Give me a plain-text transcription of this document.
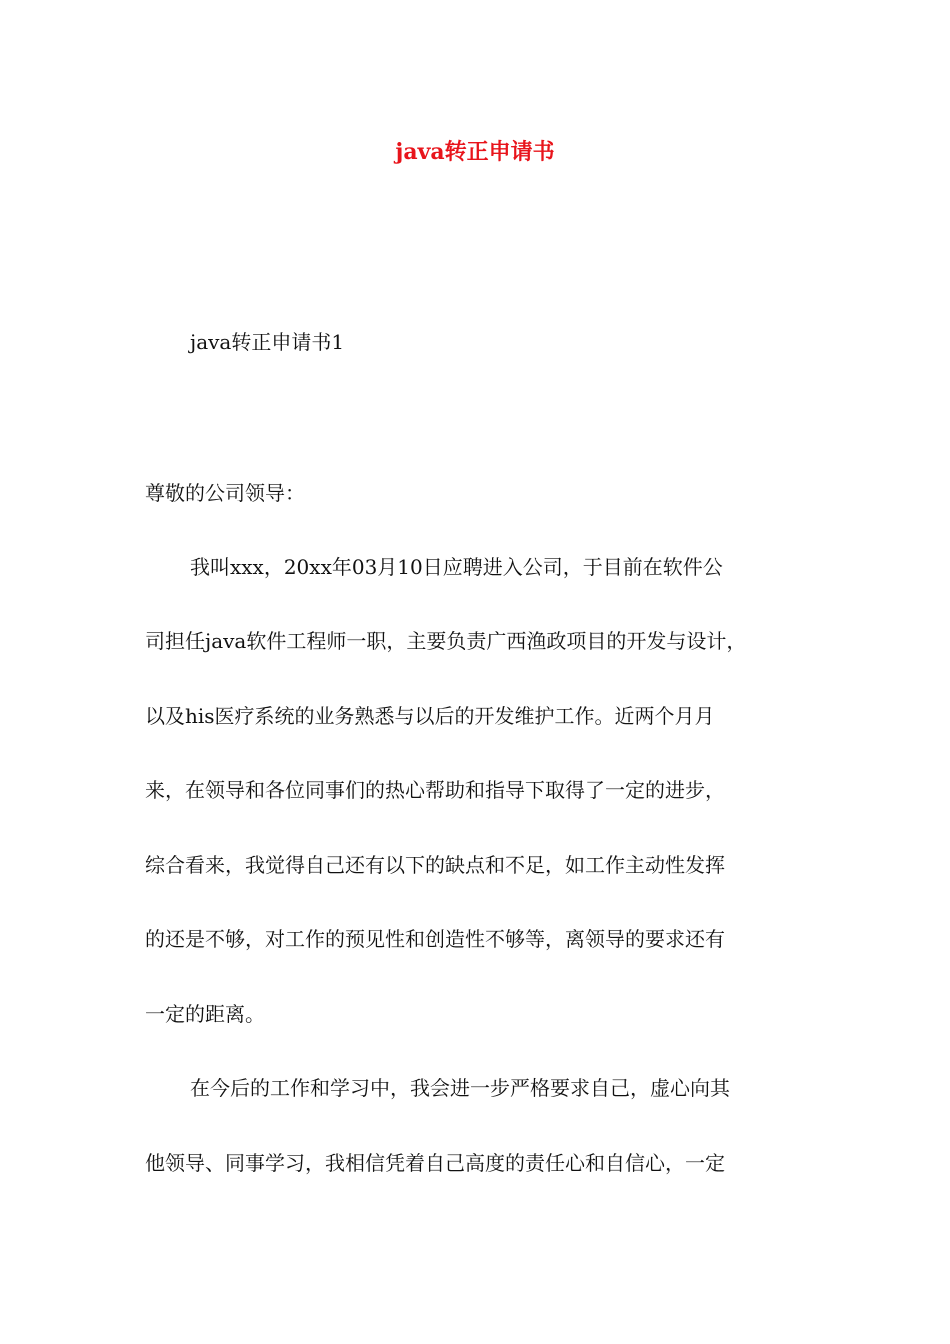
java转正申请书

java转正申请书1

尊敬的公司领导：

我叫xxx，20xx年03月10日应聘进入公司，于目前在软件公

司担任java软件工程师一职，主要负责广西渔政项目的开发与设计，

以及his医疗系统的业务熟悉与以后的开发维护工作。近两个月月

来，在领导和各位同事们的热心帮助和指导下取得了一定的进步，

综合看来，我觉得自己还有以下的缺点和不足，如工作主动性发挥

的还是不够，对工作的预见性和创造性不够等，离领导的要求还有

一定的距离。

在今后的工作和学习中，我会进一步严格要求自己，虚心向其

他领导、同事学习，我相信凭着自己高度的责任心和自信心，一定
